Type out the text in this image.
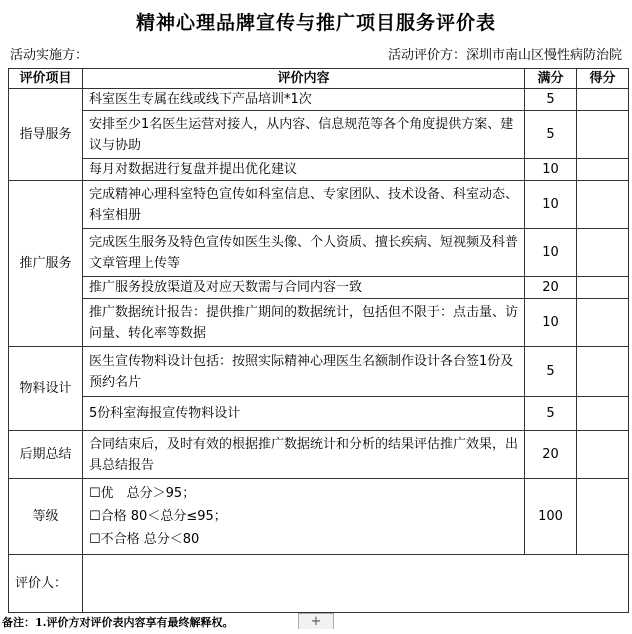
精神心理品牌宣传与推广项目服务评价表
活动实施方：	活动评价方：深圳市南山区慢性病防治院
评价项目	评价内容	满分	得分
指导服务	科室医生专属在线或线下产品培训*1次	5	
	安排至少1名医生运营对接人，从内容、信息规范等各个角度提供方案、建议与协助	5	
	每月对数据进行复盘并提出优化建议	10	
推广服务	完成精神心理科室特色宣传如科室信息、专家团队、技术设备、科室动态、科室相册	10	
	完成医生服务及特色宣传如医生头像、个人资质、擅长疾病、短视频及科普文章管理上传等	10	
	推广服务投放渠道及对应天数需与合同内容一致	20	
	推广数据统计报告：提供推广期间的数据统计，包括但不限于：点击量、访问量、转化率等数据	10	
物料设计	医生宣传物料设计包括：按照实际精神心理医生名额制作设计各台签1份及预约名片	5	
	5份科室海报宣传物料设计	5	
后期总结	合同结束后，及时有效的根据推广数据统计和分析的结果评估推广效果，出具总结报告	20	
等级	☐优　总分＞95；
☐合格 80＜总分≤95；
☐不合格 总分＜80	100	
评价人：			
备注：1.评价方对评价表内容享有最终解释权。	+
